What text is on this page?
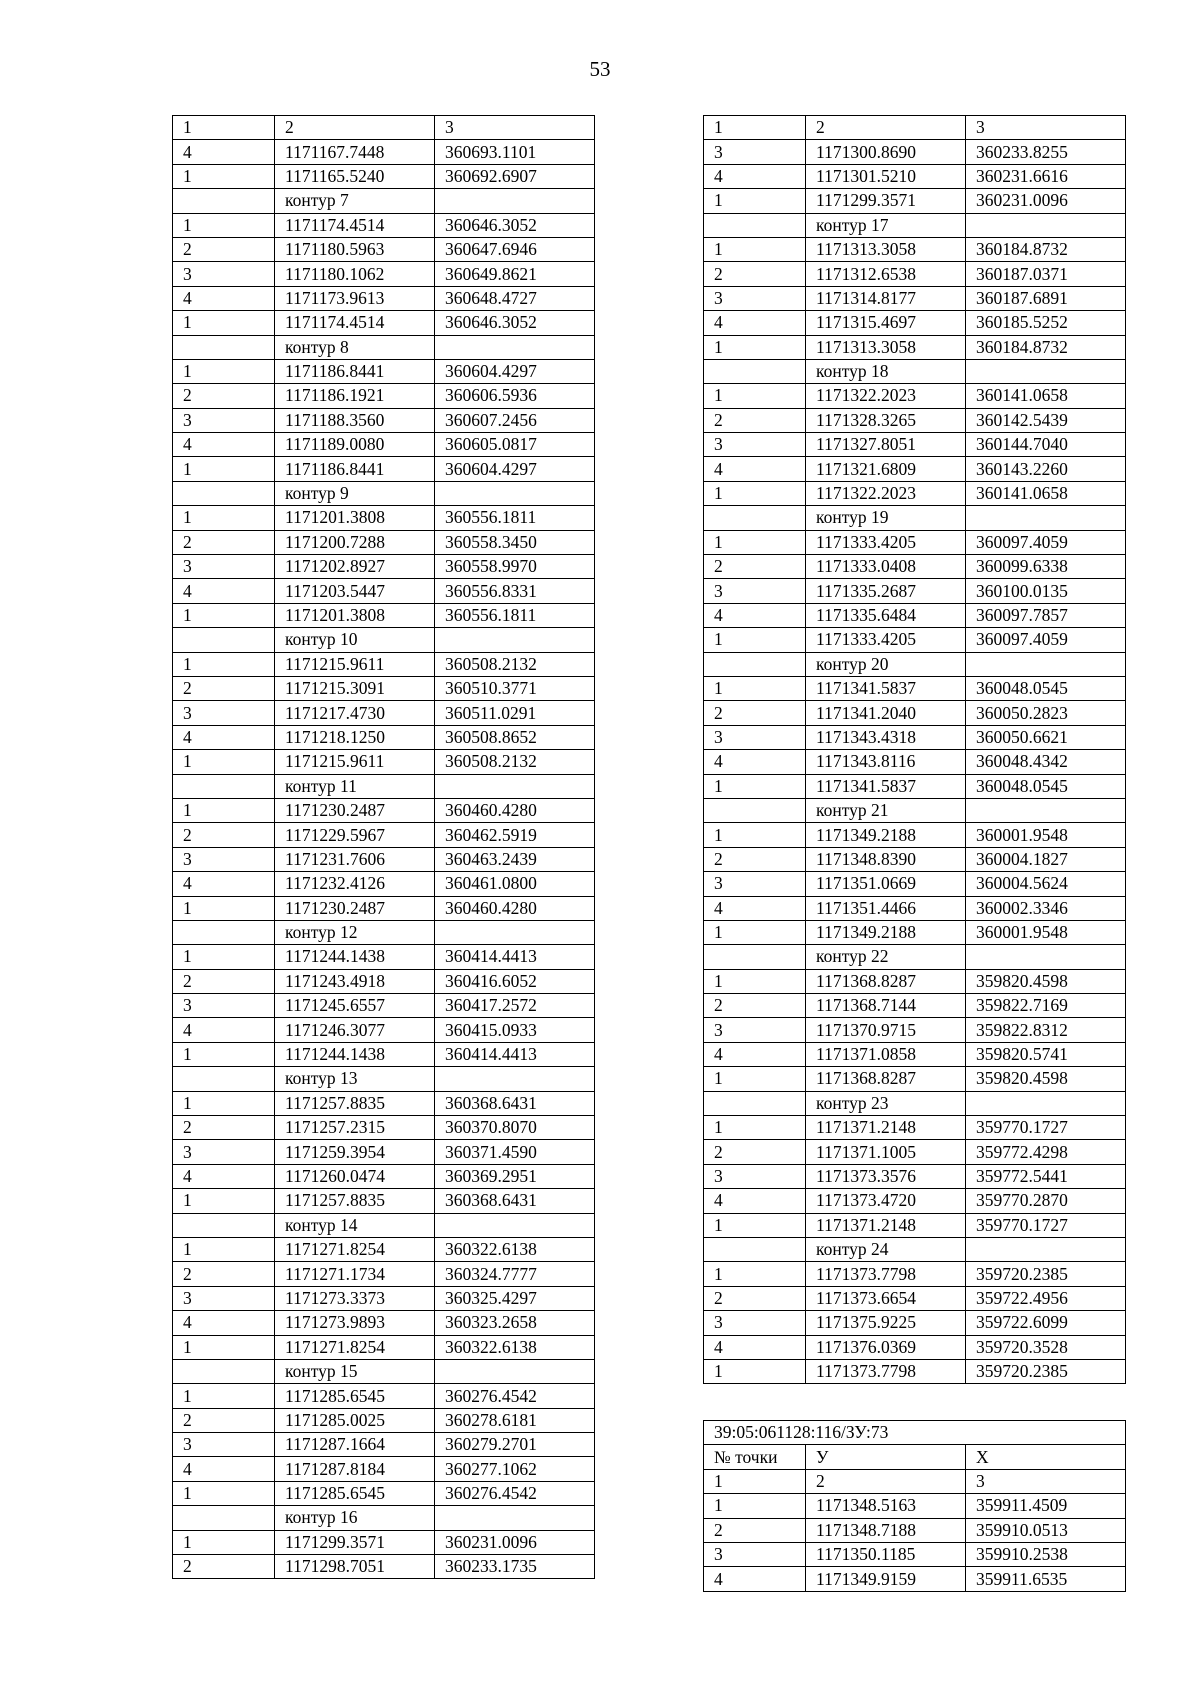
53
1	2	3
4	1171167.7448	360693.1101
1	1171165.5240	360692.6907
	контур 7	
1	1171174.4514	360646.3052
2	1171180.5963	360647.6946
3	1171180.1062	360649.8621
4	1171173.9613	360648.4727
1	1171174.4514	360646.3052
	контур 8	
1	1171186.8441	360604.4297
2	1171186.1921	360606.5936
3	1171188.3560	360607.2456
4	1171189.0080	360605.0817
1	1171186.8441	360604.4297
	контур 9	
1	1171201.3808	360556.1811
2	1171200.7288	360558.3450
3	1171202.8927	360558.9970
4	1171203.5447	360556.8331
1	1171201.3808	360556.1811
	контур 10	
1	1171215.9611	360508.2132
2	1171215.3091	360510.3771
3	1171217.4730	360511.0291
4	1171218.1250	360508.8652
1	1171215.9611	360508.2132
	контур 11	
1	1171230.2487	360460.4280
2	1171229.5967	360462.5919
3	1171231.7606	360463.2439
4	1171232.4126	360461.0800
1	1171230.2487	360460.4280
	контур 12	
1	1171244.1438	360414.4413
2	1171243.4918	360416.6052
3	1171245.6557	360417.2572
4	1171246.3077	360415.0933
1	1171244.1438	360414.4413
	контур 13	
1	1171257.8835	360368.6431
2	1171257.2315	360370.8070
3	1171259.3954	360371.4590
4	1171260.0474	360369.2951
1	1171257.8835	360368.6431
	контур 14	
1	1171271.8254	360322.6138
2	1171271.1734	360324.7777
3	1171273.3373	360325.4297
4	1171273.9893	360323.2658
1	1171271.8254	360322.6138
	контур 15	
1	1171285.6545	360276.4542
2	1171285.0025	360278.6181
3	1171287.1664	360279.2701
4	1171287.8184	360277.1062
1	1171285.6545	360276.4542
	контур 16	
1	1171299.3571	360231.0096
2	1171298.7051	360233.1735
1	2	3
3	1171300.8690	360233.8255
4	1171301.5210	360231.6616
1	1171299.3571	360231.0096
	контур 17	
1	1171313.3058	360184.8732
2	1171312.6538	360187.0371
3	1171314.8177	360187.6891
4	1171315.4697	360185.5252
1	1171313.3058	360184.8732
	контур 18	
1	1171322.2023	360141.0658
2	1171328.3265	360142.5439
3	1171327.8051	360144.7040
4	1171321.6809	360143.2260
1	1171322.2023	360141.0658
	контур 19	
1	1171333.4205	360097.4059
2	1171333.0408	360099.6338
3	1171335.2687	360100.0135
4	1171335.6484	360097.7857
1	1171333.4205	360097.4059
	контур 20	
1	1171341.5837	360048.0545
2	1171341.2040	360050.2823
3	1171343.4318	360050.6621
4	1171343.8116	360048.4342
1	1171341.5837	360048.0545
	контур 21	
1	1171349.2188	360001.9548
2	1171348.8390	360004.1827
3	1171351.0669	360004.5624
4	1171351.4466	360002.3346
1	1171349.2188	360001.9548
	контур 22	
1	1171368.8287	359820.4598
2	1171368.7144	359822.7169
3	1171370.9715	359822.8312
4	1171371.0858	359820.5741
1	1171368.8287	359820.4598
	контур 23	
1	1171371.2148	359770.1727
2	1171371.1005	359772.4298
3	1171373.3576	359772.5441
4	1171373.4720	359770.2870
1	1171371.2148	359770.1727
	контур 24	
1	1171373.7798	359720.2385
2	1171373.6654	359722.4956
3	1171375.9225	359722.6099
4	1171376.0369	359720.3528
1	1171373.7798	359720.2385
39:05:061128:116/ЗУ:73		
№ точки	У	Х
1	2	3
1	1171348.5163	359911.4509
2	1171348.7188	359910.0513
3	1171350.1185	359910.2538
4	1171349.9159	359911.6535
